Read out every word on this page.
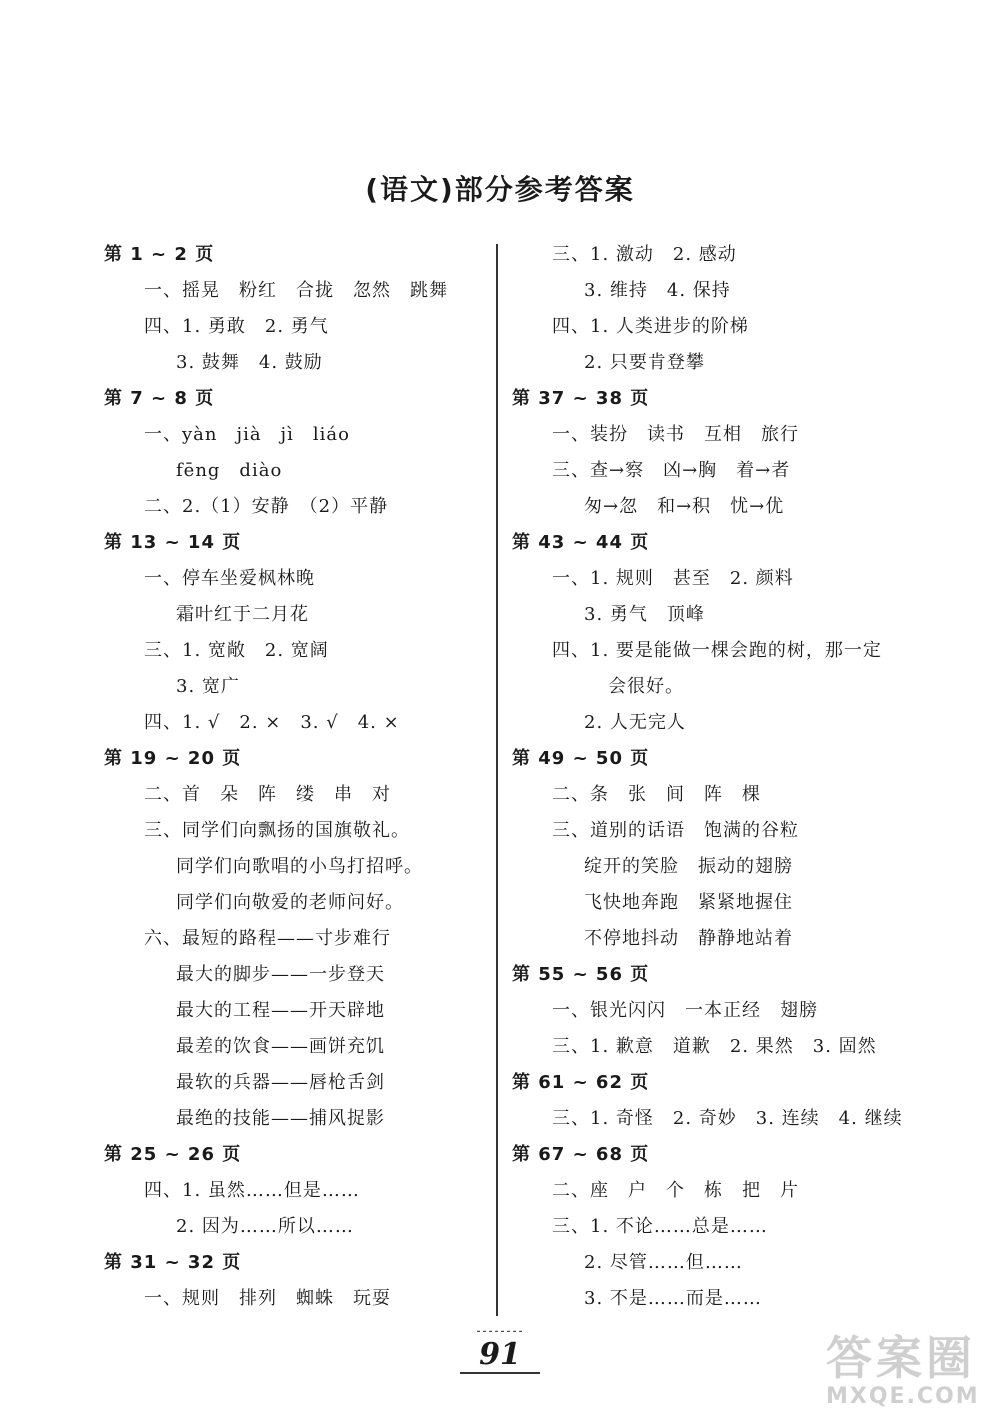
(语文)部分参考答案
第 1 ~ 2 页
一、摇晃　粉红　合拢　忽然　跳舞
四、1. 勇敢　2. 勇气
3. 鼓舞　4. 鼓励
第 7 ~ 8 页
一、yàn　jià　jì　liáo
fēng　diào
二、2.（1）安静　（2）平静
第 13 ~ 14 页
一、停车坐爱枫林晚
霜叶红于二月花
三、1. 宽敞　2. 宽阔
3. 宽广
四、1. √　2. ×　3. √　4. ×
第 19 ~ 20 页
二、首　朵　阵　缕　串　对
三、同学们向飘扬的国旗敬礼。
同学们向歌唱的小鸟打招呼。
同学们向敬爱的老师问好。
六、最短的路程——寸步难行
最大的脚步——一步登天
最大的工程——开天辟地
最差的饮食——画饼充饥
最软的兵器——唇枪舌剑
最绝的技能——捕风捉影
第 25 ~ 26 页
四、1. 虽然……但是……
2. 因为……所以……
第 31 ~ 32 页
一、规则　排列　蜘蛛　玩耍
三、1. 激动　2. 感动
3. 维持　4. 保持
四、1. 人类进步的阶梯
2. 只要肯登攀
第 37 ~ 38 页
一、装扮　读书　互相　旅行
三、查→察　凶→胸　着→者
匆→忽　和→积　忧→优
第 43 ~ 44 页
一、1. 规则　甚至　2. 颜料
3. 勇气　顶峰
四、1. 要是能做一棵会跑的树，那一定
会很好。
2. 人无完人
第 49 ~ 50 页
二、条　张　间　阵　棵
三、道别的话语　饱满的谷粒
绽开的笑脸　振动的翅膀
飞快地奔跑　紧紧地握住
不停地抖动　静静地站着
第 55 ~ 56 页
一、银光闪闪　一本正经　翅膀
三、1. 歉意　道歉　2. 果然　3. 固然
第 61 ~ 62 页
三、1. 奇怪　2. 奇妙　3. 连续　4. 继续
第 67 ~ 68 页
二、座　户　个　栋　把　片
三、1. 不论……总是……
2. 尽管……但……
3. 不是……而是……
⁃⁃⁃⁃⁃⁃⁃⁃
91	答案圈
MXQE.COM
